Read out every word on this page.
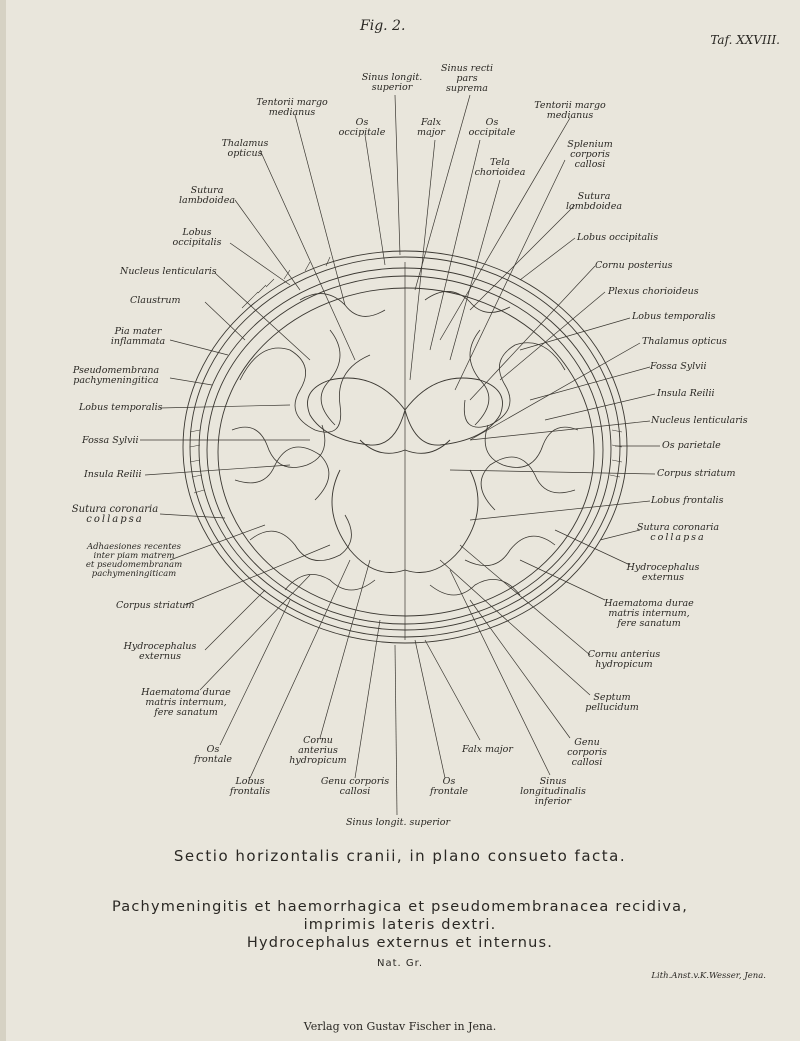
Fig. 2.
Taf. XXVIII.
Sinus longit.
superior
Sinus recti
pars
suprema
Tentorii margo
medianus
Tentorii margo
medianus
Os
occipitale
Falx
major
Os
occipitale
Thalamus
opticus
Tela
chorioidea
Splenium
corporis
callosi
Sutura
lambdoidea	Sutura
lambdoidea
Lobus
occipitalis	Lobus occipitalis
Nucleus lenticularis
Cornu posterius
Claustrum
Plexus chorioideus
Pia mater
inflammata
Lobus temporalis
Thalamus opticus
Pseudomembrana
pachymeningitica
Fossa Sylvii
Lobus temporalis
Insula Reilii
Nucleus lenticularis
Fossa Sylvii	Os parietale
Insula Reilii	Corpus striatum
Lobus frontalis
Sutura coronaria
collapsa
Sutura coronaria
collapsa
Adhaesiones recentes
inter piam matrem
et pseudomembranam
pachymeningiticam
Hydrocephalus
externus
Corpus striatum	Haematoma durae
matris internum,
fere sanatum
Hydrocephalus
externus	Cornu anterius
hydropicum
Haematoma durae
matris internum,
fere sanatum
Septum
pellucidum
Os
frontale
Cornu
anterius
hydropicum
Falx major
Genu
corporis
callosi
Lobus
frontalis
Genu corporis
callosi
Os
frontale
Sinus
longitudinalis
inferior
Sinus longit. superior
Sectio horizontalis cranii, in plano consueto facta.
Pachymeningitis et haemorrhagica et pseudomembranacea recidiva,
imprimis lateris dextri.
Hydrocephalus externus et internus.
Nat. Gr.
Lith.Anst.v.K.Wesser, Jena.
Verlag von Gustav Fischer in Jena.
